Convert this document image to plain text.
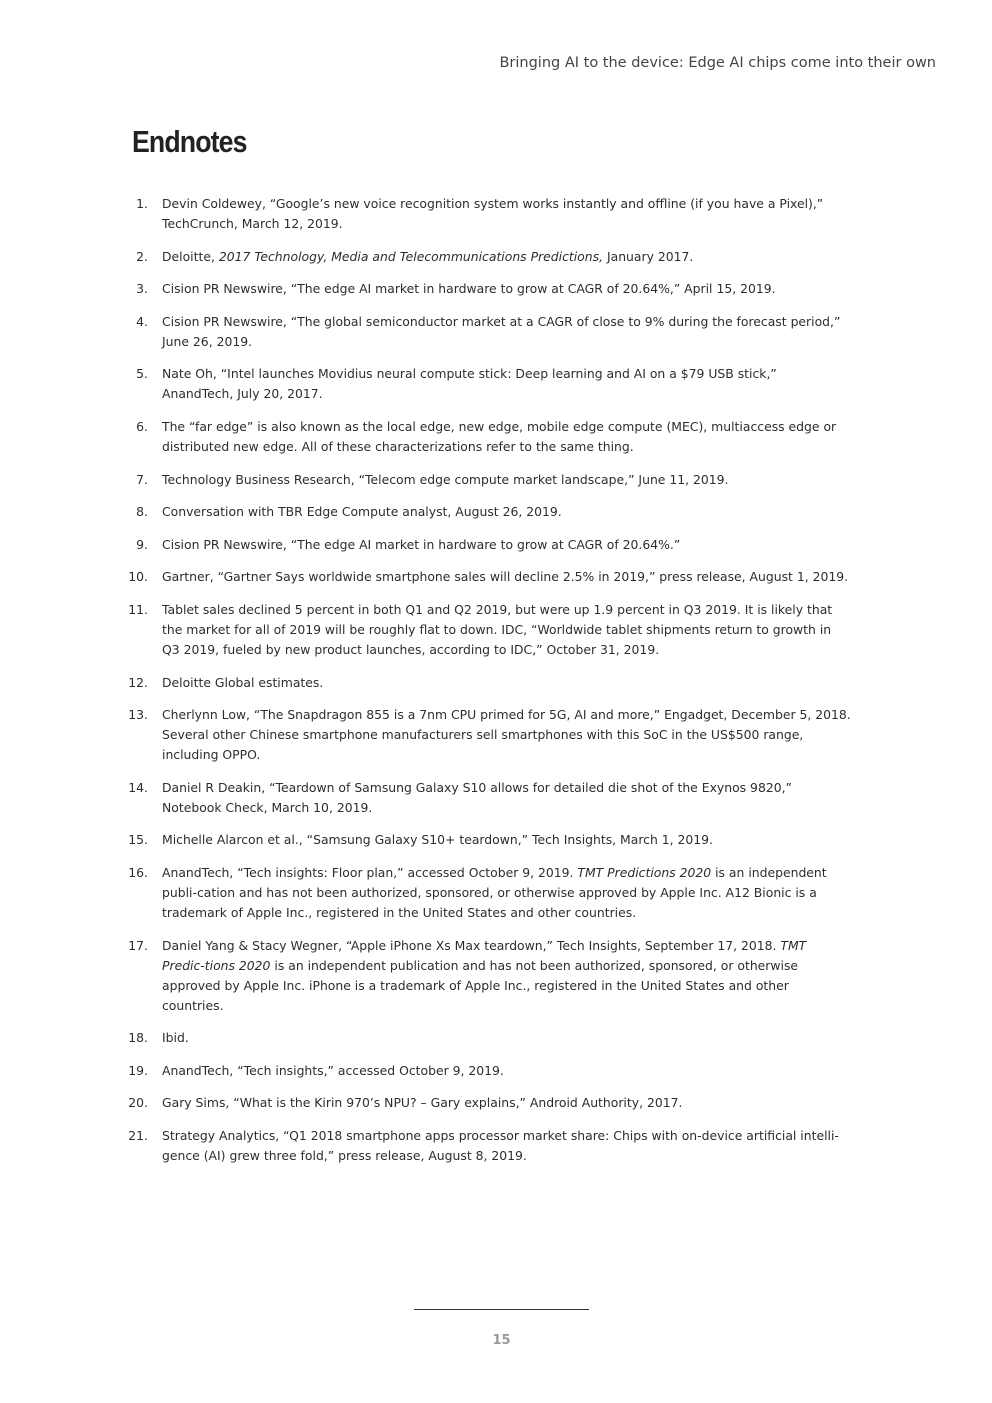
Bringing AI to the device: Edge AI chips come into their own
Endnotes
1. Devin Coldewey, “Google’s new voice recognition system works instantly and offline (if you have a Pixel),” TechCrunch, March 12, 2019.
2. Deloitte, 2017 Technology, Media and Telecommunications Predictions, January 2017.
3. Cision PR Newswire, “The edge AI market in hardware to grow at CAGR of 20.64%,” April 15, 2019.
4. Cision PR Newswire, “The global semiconductor market at a CAGR of close to 9% during the forecast period,” June 26, 2019.
5. Nate Oh, “Intel launches Movidius neural compute stick: Deep learning and AI on a $79 USB stick,” AnandTech, July 20, 2017.
6. The “far edge” is also known as the local edge, new edge, mobile edge compute (MEC), multiaccess edge or distributed new edge. All of these characterizations refer to the same thing.
7. Technology Business Research, “Telecom edge compute market landscape,” June 11, 2019.
8. Conversation with TBR Edge Compute analyst, August 26, 2019.
9. Cision PR Newswire, “The edge AI market in hardware to grow at CAGR of 20.64%.”
10. Gartner, “Gartner Says worldwide smartphone sales will decline 2.5% in 2019,” press release, August 1, 2019.
11. Tablet sales declined 5 percent in both Q1 and Q2 2019, but were up 1.9 percent in Q3 2019. It is likely that the market for all of 2019 will be roughly flat to down. IDC, “Worldwide tablet shipments return to growth in Q3 2019, fueled by new product launches, according to IDC,” October 31, 2019.
12. Deloitte Global estimates.
13. Cherlynn Low, “The Snapdragon 855 is a 7nm CPU primed for 5G, AI and more,” Engadget, December 5, 2018. Several other Chinese smartphone manufacturers sell smartphones with this SoC in the US$500 range, including OPPO.
14. Daniel R Deakin, “Teardown of Samsung Galaxy S10 allows for detailed die shot of the Exynos 9820,” Notebook Check, March 10, 2019.
15. Michelle Alarcon et al., “Samsung Galaxy S10+ teardown,” Tech Insights, March 1, 2019.
16. AnandTech, “Tech insights: Floor plan,” accessed October 9, 2019. TMT Predictions 2020 is an independent publi-cation and has not been authorized, sponsored, or otherwise approved by Apple Inc. A12 Bionic is a trademark of Apple Inc., registered in the United States and other countries.
17. Daniel Yang & Stacy Wegner, “Apple iPhone Xs Max teardown,” Tech Insights, September 17, 2018. TMT Predic-tions 2020 is an independent publication and has not been authorized, sponsored, or otherwise approved by Apple Inc. iPhone is a trademark of Apple Inc., registered in the United States and other countries.
18. Ibid.
19. AnandTech, “Tech insights,” accessed October 9, 2019.
20. Gary Sims, “What is the Kirin 970’s NPU? – Gary explains,” Android Authority, 2017.
21. Strategy Analytics, “Q1 2018 smartphone apps processor market share: Chips with on-device artificial intelli-gence (AI) grew three fold,” press release, August 8, 2019.
15
